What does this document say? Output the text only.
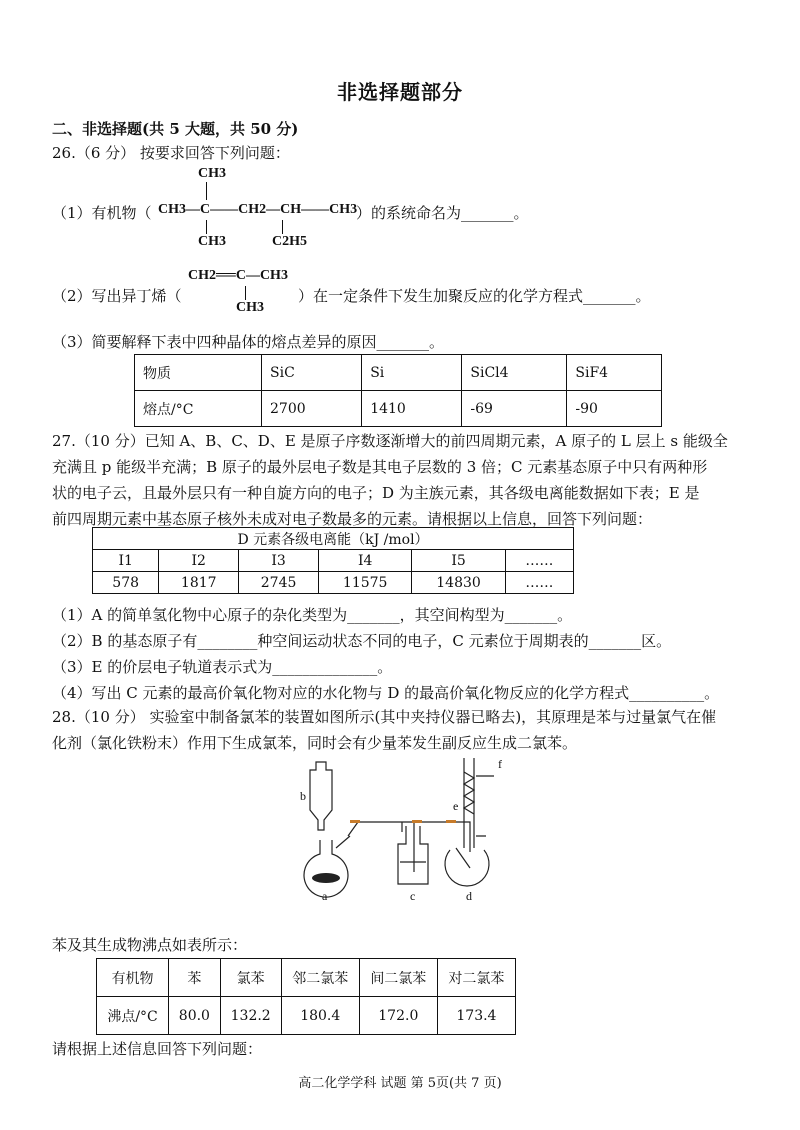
非选择题部分
二、非选择题(共 5 大题，共 50 分)
26.（6 分） 按要求回答下列问题：
（1）有机物（
CH3
CH3—C——CH2—CH——CH3
CH3	C2H5
）的系统命名为_______。
（2）写出异丁烯（
CH2══C—CH3
CH3
）在一定条件下发生加聚反应的化学方程式_______。
（3）简要解释下表中四种晶体的熔点差异的原因_______。
物质	SiC	Si	SiCl4	SiF4
熔点/°C	2700	1410	-69	-90
27.（10 分）已知 A、B、C、D、E 是原子序数逐渐增大的前四周期元素，A 原子的 L 层上 s 能级全
充满且 p 能级半充满；B 原子的最外层电子数是其电子层数的 3 倍；C 元素基态原子中只有两种形
状的电子云，且最外层只有一种自旋方向的电子；D 为主族元素，其各级电离能数据如下表；E 是
前四周期元素中基态原子核外未成对电子数最多的元素。请根据以上信息，回答下列问题：
D 元素各级电离能（kJ /mol）					
I1	I2	I3	I4	I5	……
578	1817	2745	11575	14830	……
（1）A 的简单氢化物中心原子的杂化类型为_______，其空间构型为_______。
（2）B 的基态原子有________种空间运动状态不同的电子，C 元素位于周期表的_______区。
（3）E 的价层电子轨道表示式为______________。
（4）写出 C 元素的最高价氧化物对应的水化物与 D 的最高价氧化物反应的化学方程式__________。
28.（10 分） 实验室中制备氯苯的装置如图所示(其中夹持仪器已略去)，其原理是苯与过量氯气在催
化剂（氯化铁粉末）作用下生成氯苯，同时会有少量苯发生副反应生成二氯苯。
b
a	c	d
e
f
苯及其生成物沸点如表所示：
有机物	苯	氯苯	邻二氯苯	间二氯苯	对二氯苯
沸点/°C	80.0	132.2	180.4	172.0	173.4
请根据上述信息回答下列问题：
高二化学学科 试题 第 5页(共 7 页)
